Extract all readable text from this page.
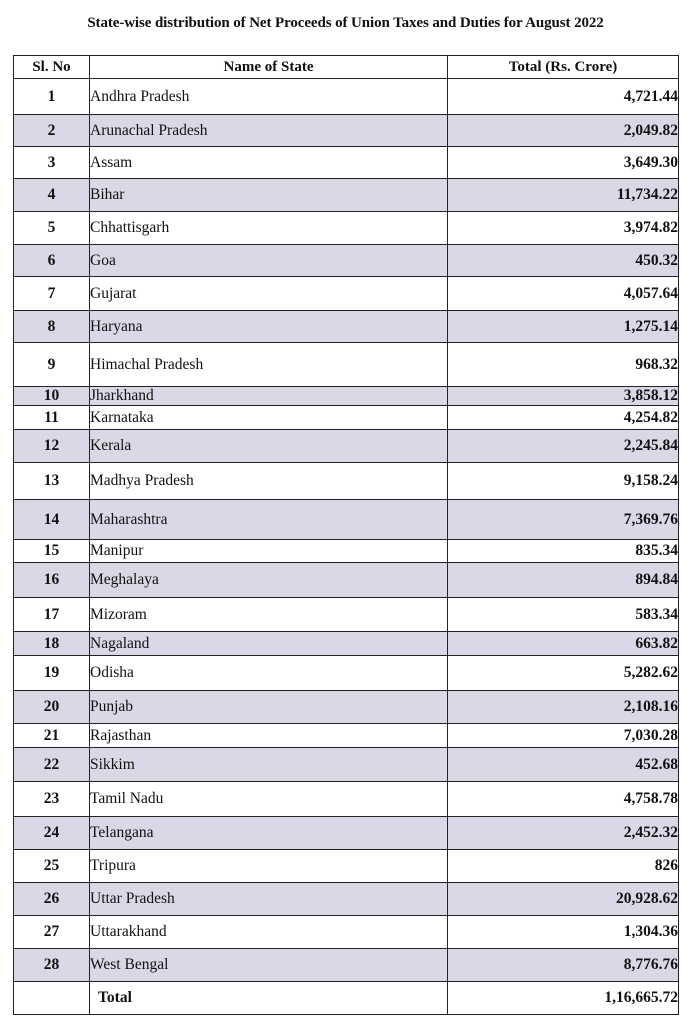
State-wise distribution of Net Proceeds of Union Taxes and Duties for August 2022
Sl. No	Name of State	Total (Rs. Crore)
1	Andhra Pradesh	4,721.44
2	Arunachal Pradesh	2,049.82
3	Assam	3,649.30
4	Bihar	11,734.22
5	Chhattisgarh	3,974.82
6	Goa	450.32
7	Gujarat	4,057.64
8	Haryana	1,275.14
9	Himachal Pradesh	968.32
10	Jharkhand	3,858.12
11	Karnataka	4,254.82
12	Kerala	2,245.84
13	Madhya Pradesh	9,158.24
14	Maharashtra	7,369.76
15	Manipur	835.34
16	Meghalaya	894.84
17	Mizoram	583.34
18	Nagaland	663.82
19	Odisha	5,282.62
20	Punjab	2,108.16
21	Rajasthan	7,030.28
22	Sikkim	452.68
23	Tamil Nadu	4,758.78
24	Telangana	2,452.32
25	Tripura	826
26	Uttar Pradesh	20,928.62
27	Uttarakhand	1,304.36
28	West Bengal	8,776.76
	Total	1,16,665.72
